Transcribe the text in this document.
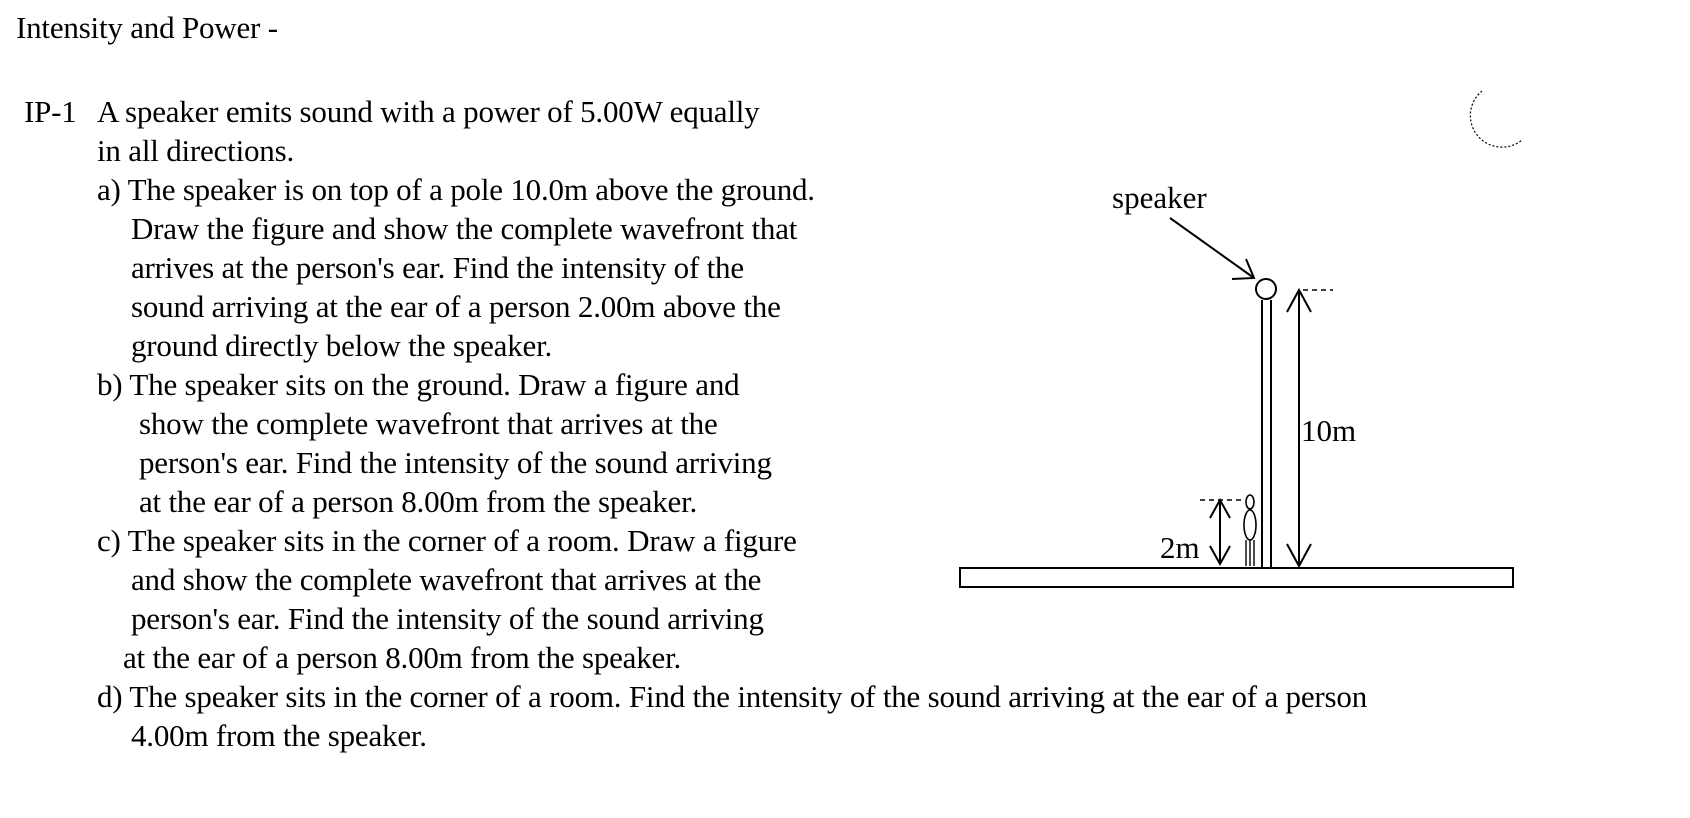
Intensity and Power -
IP-1 A speaker emits sound with a power of 5.00W equally
in all directions.
a) The speaker is on top of a pole 10.0m above the ground.
Draw the figure and show the complete wavefront that
arrives at the person's ear. Find the intensity of the
sound arriving at the ear of a person 2.00m above the
ground directly below the speaker.
b) The speaker sits on the ground. Draw a figure and
show the complete wavefront that arrives at the
person's ear. Find the intensity of the sound arriving
at the ear of a person 8.00m from the speaker.
c) The speaker sits in the corner of a room. Draw a figure
and show the complete wavefront that arrives at the
person's ear. Find the intensity of the sound arriving
at the ear of a person 8.00m from the speaker.
d) The speaker sits in the corner of a room. Find the intensity of the sound arriving at the ear of a person
4.00m from the speaker.
speaker
10m
2m
